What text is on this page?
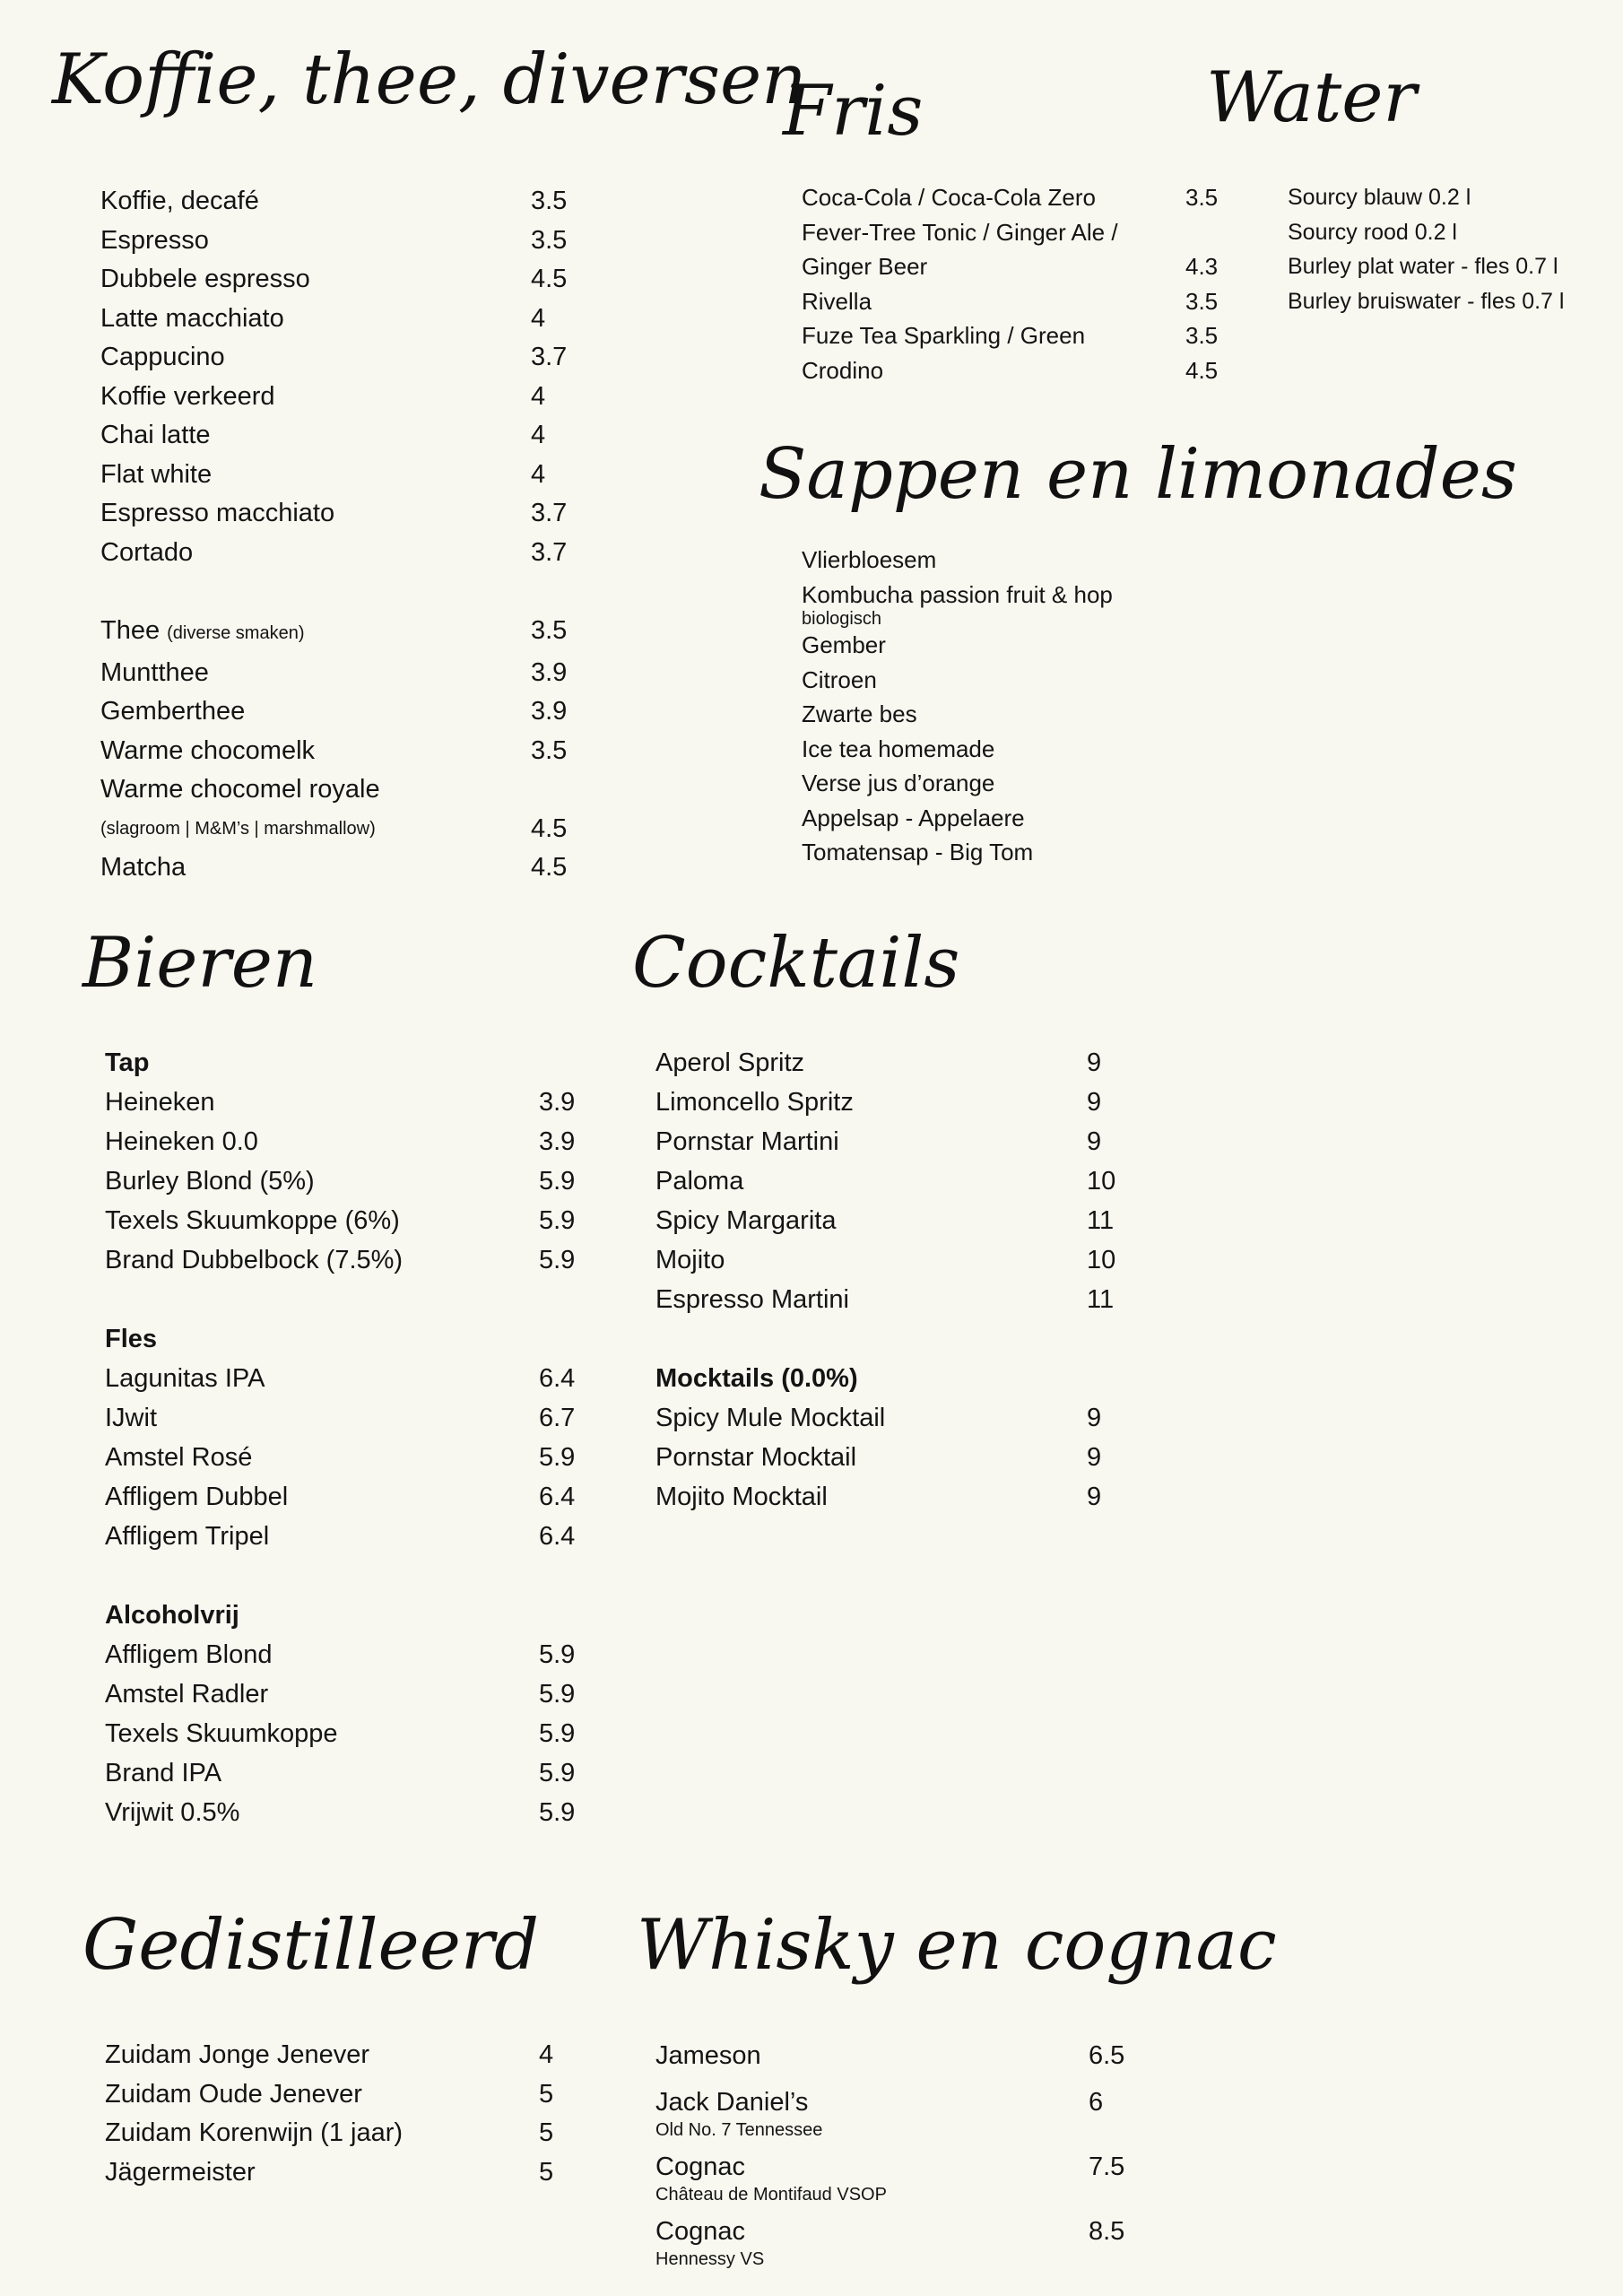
Koffie, thee, diversen
Koffie, decafé	3.5
Espresso	3.5
Dubbele espresso	4.5
Latte macchiato	4
Cappucino	3.7
Koffie verkeerd	4
Chai latte	4
Flat white	4
Espresso macchiato	3.7
Cortado	3.7
Thee (diverse smaken)	3.5
Muntthee	3.9
Gemberthee	3.9
Warme chocomelk	3.5
Warme chocomel royale
(slagroom | M&M’s | marshmallow)	4.5
Matcha	4.5
Fris
Coca-Cola / Coca-Cola Zero	3.5
Fever-Tree Tonic / Ginger Ale /
Ginger Beer	4.3
Rivella	3.5
Fuze Tea Sparkling / Green	3.5
Crodino	4.5
Water
Sourcy blauw 0.2 l
Sourcy rood 0.2 l
Burley plat water - fles 0.7 l
Burley bruiswater - fles 0.7 l
Sappen en limonades
Vlierbloesem
Kombucha passion fruit & hop
biologisch
Gember
Citroen
Zwarte bes
Ice tea homemade
Verse jus d’orange
Appelsap - Appelaere
Tomatensap - Big Tom
Bieren
Tap
Heineken	3.9
Heineken 0.0	3.9
Burley Blond (5%)	5.9
Texels Skuumkoppe (6%)	5.9
Brand Dubbelbock (7.5%)	5.9
Fles
Lagunitas IPA	6.4
IJwit	6.7
Amstel Rosé	5.9
Affligem Dubbel	6.4
Affligem Tripel	6.4
Alcoholvrij
Affligem Blond	5.9
Amstel Radler	5.9
Texels Skuumkoppe	5.9
Brand IPA	5.9
Vrijwit 0.5%	5.9
Cocktails
Aperol Spritz	9
Limoncello Spritz	9
Pornstar Martini	9
Paloma	10
Spicy Margarita	11
Mojito	10
Espresso Martini	11
Mocktails (0.0%)
Spicy Mule Mocktail	9
Pornstar Mocktail	9
Mojito Mocktail	9
Gedistilleerd
Zuidam Jonge Jenever	4
Zuidam Oude Jenever	5
Zuidam Korenwijn (1 jaar)	5
Jägermeister	5
Whisky en cognac
Jameson	6.5
Jack Daniel’s	6
Old No. 7 Tennessee
Cognac	7.5
Château de Montifaud VSOP
Cognac	8.5
Hennessy VS
